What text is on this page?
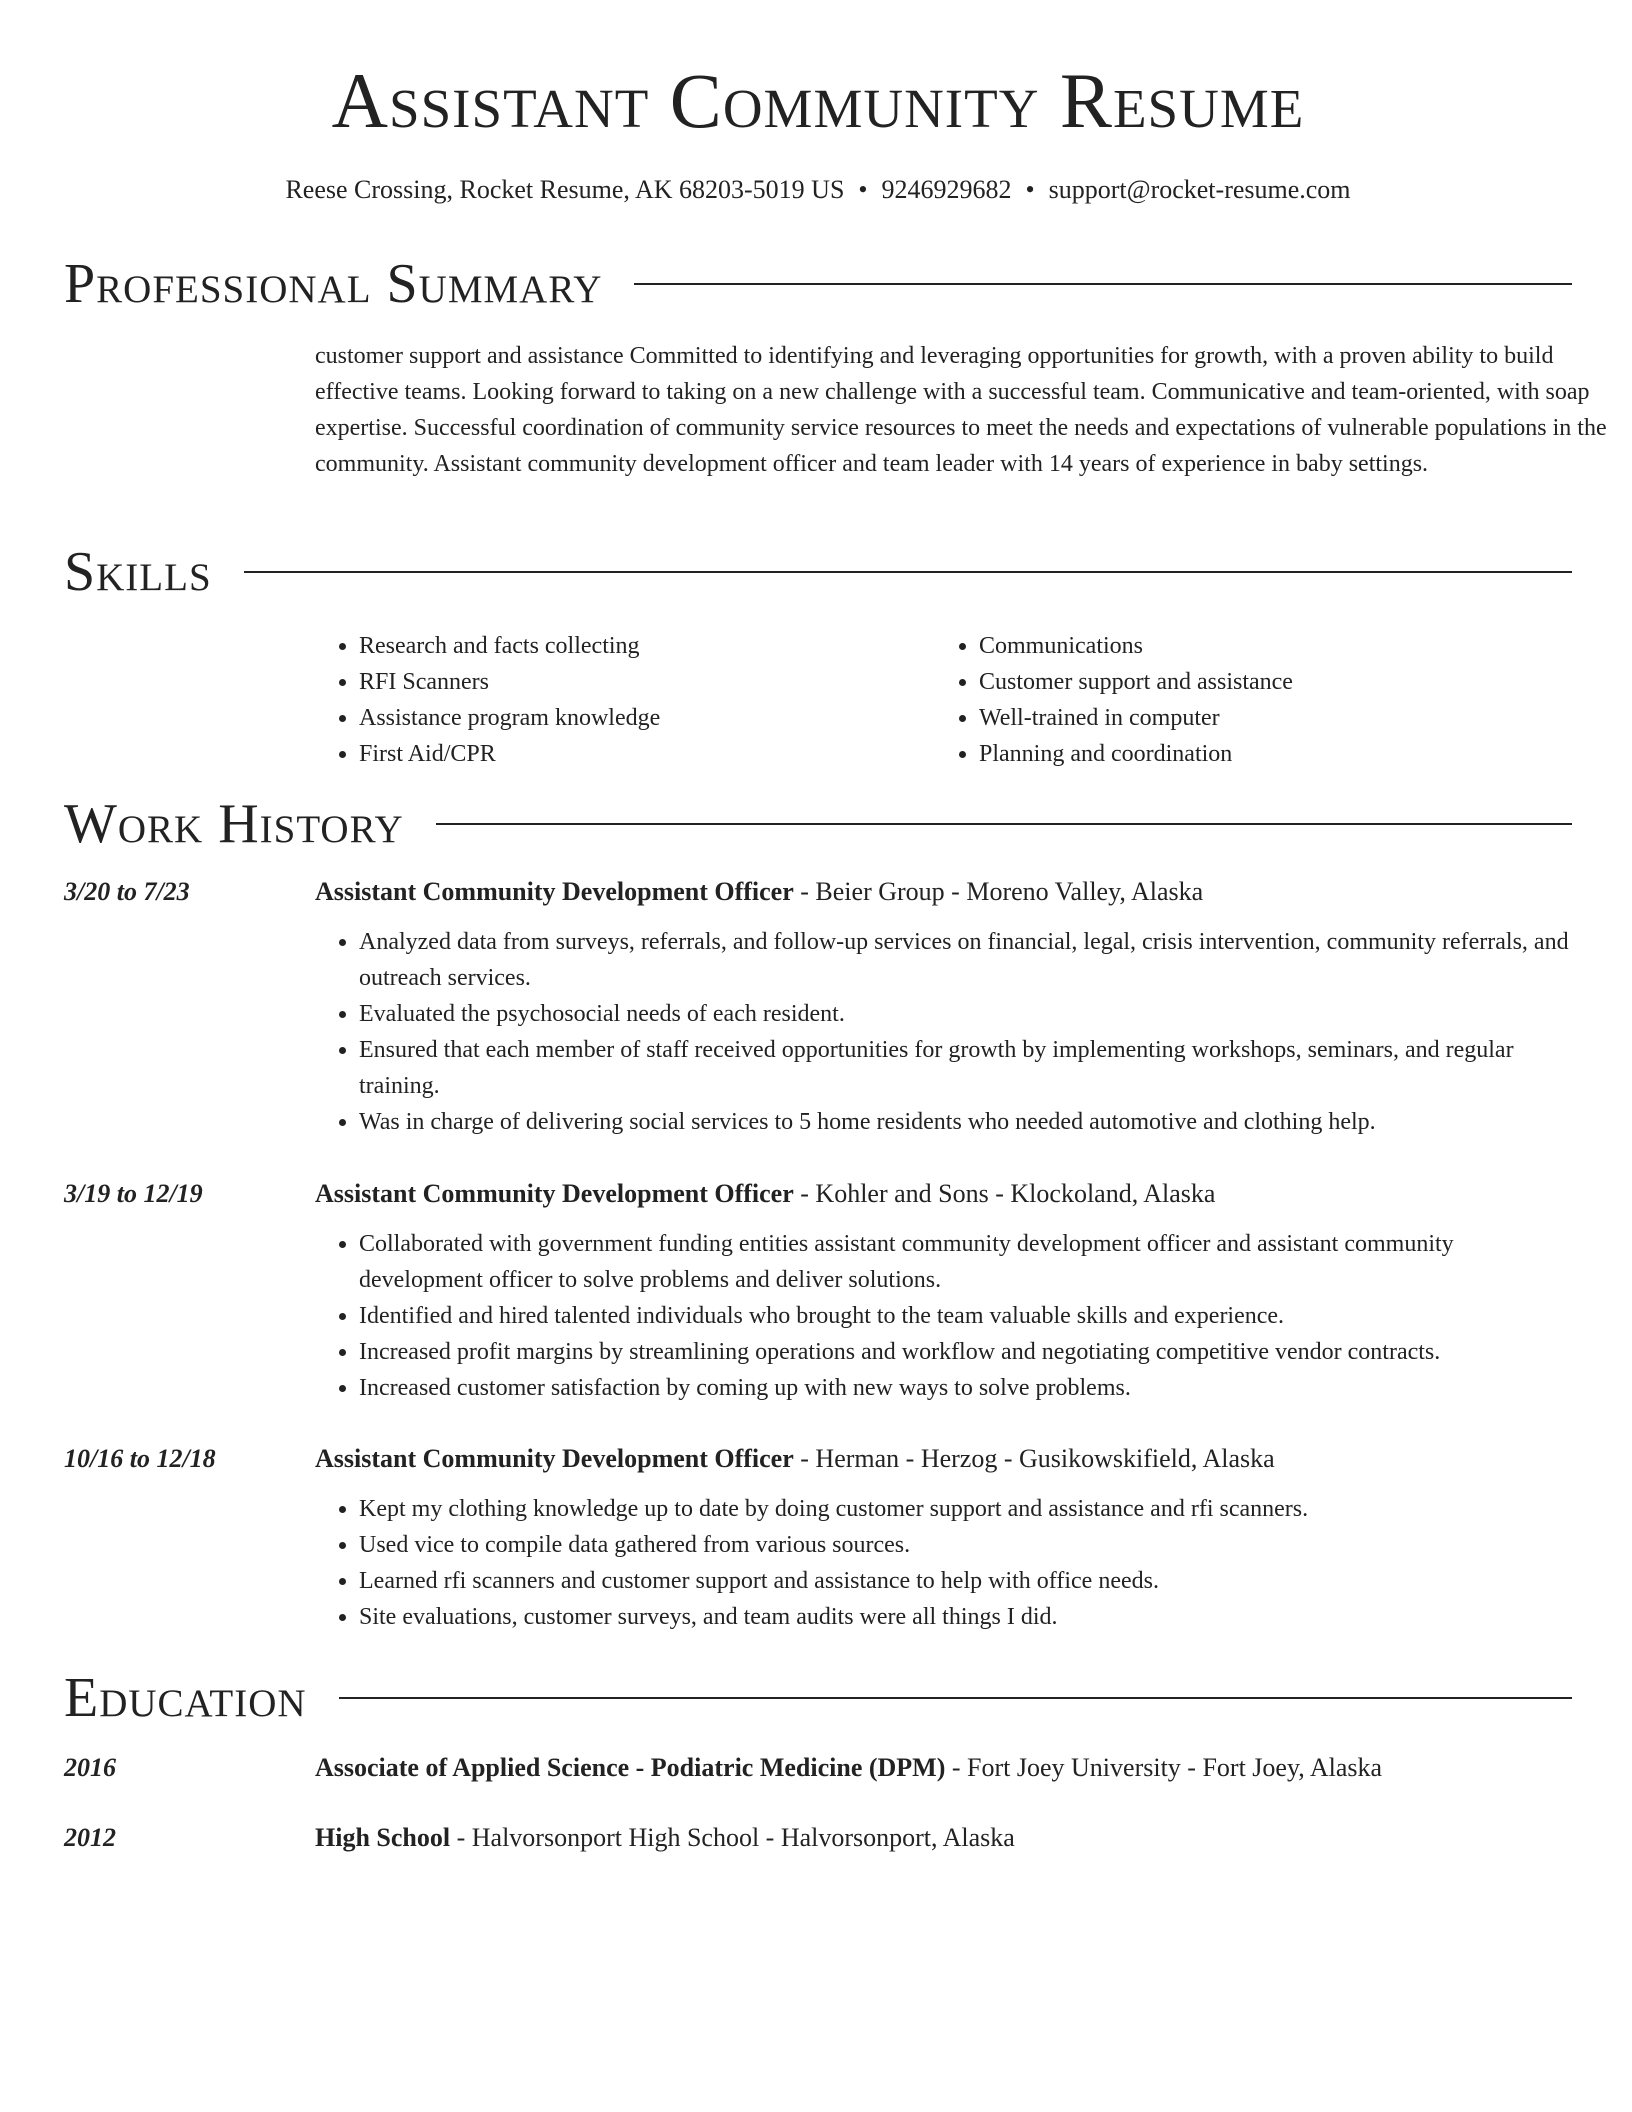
Assistant Community Resume
Reese Crossing, Rocket Resume, AK 68203-5019 US • 9246929682 • support@rocket-resume.com
Professional Summary

customer support and assistance Committed to identifying and leveraging opportunities for growth, with a proven ability to build effective teams. Looking forward to taking on a new challenge with a successful team. Communicative and team-oriented, with soap expertise. Successful coordination of community service resources to meet the needs and expectations of vulnerable populations in the community. Assistant community development officer and team leader with 14 years of experience in baby settings.

Skills
• Research and facts collecting
• RFI Scanners
• Assistance program knowledge
• First Aid/CPR
• Communications
• Customer support and assistance
• Well-trained in computer
• Planning and coordination
Work History
3/20 to 7/23	Assistant Community Development Officer - Beier Group - Moreno Valley, Alaska
• Analyzed data from surveys, referrals, and follow-up services on financial, legal, crisis intervention, community referrals, and outreach services.
• Evaluated the psychosocial needs of each resident.
• Ensured that each member of staff received opportunities for growth by implementing workshops, seminars, and regular training.
• Was in charge of delivering social services to 5 home residents who needed automotive and clothing help.
3/19 to 12/19	Assistant Community Development Officer - Kohler and Sons - Klockoland, Alaska
• Collaborated with government funding entities assistant community development officer and assistant community development officer to solve problems and deliver solutions.
• Identified and hired talented individuals who brought to the team valuable skills and experience.
• Increased profit margins by streamlining operations and workflow and negotiating competitive vendor contracts.
• Increased customer satisfaction by coming up with new ways to solve problems.
10/16 to 12/18	Assistant Community Development Officer - Herman - Herzog - Gusikowskifield, Alaska
• Kept my clothing knowledge up to date by doing customer support and assistance and rfi scanners.
• Used vice to compile data gathered from various sources.
• Learned rfi scanners and customer support and assistance to help with office needs.
• Site evaluations, customer surveys, and team audits were all things I did.
Education
2016	Associate of Applied Science - Podiatric Medicine (DPM) - Fort Joey University - Fort Joey, Alaska
2012	High School - Halvorsonport High School - Halvorsonport, Alaska
